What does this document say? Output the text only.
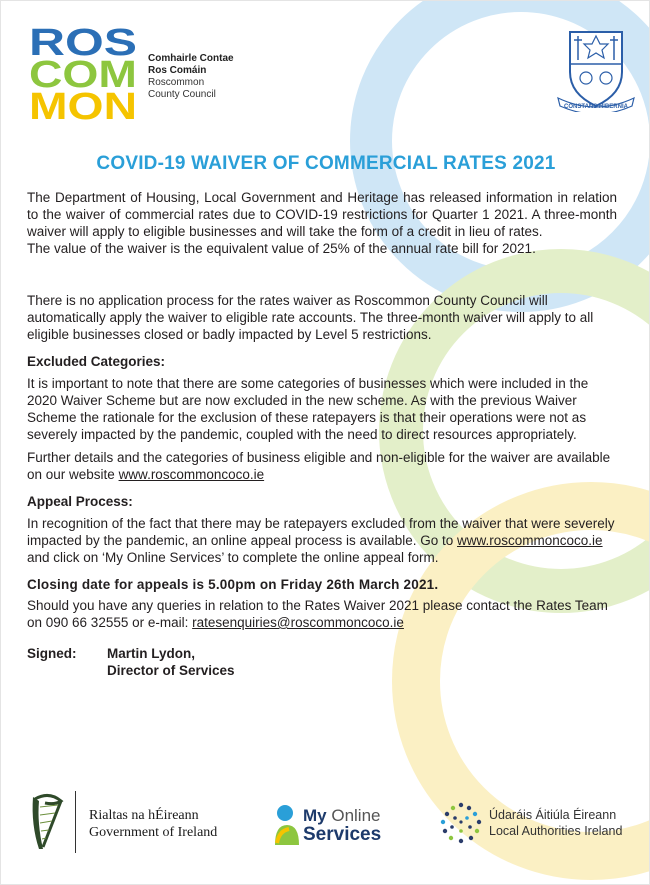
ROS
COM
MON
Comhairle Contae
Ros Comáin
Roscommon
County Council
CONSTANS HIBERNIA
COVID-19 WAIVER OF COMMERCIAL RATES 2021

The Department of Housing, Local Government and Heritage has released information in relation to the waiver of commercial rates due to COVID-19 restrictions for Quarter 1 2021. A three-month waiver will apply to eligible businesses and will take the form of a credit in lieu of rates.

The value of the waiver is the equivalent value of 25% of the annual rate bill for 2021.

There is no application process for the rates waiver as Roscommon County Council will automatically apply the waiver to eligible rate accounts. The three-month waiver will apply to all eligible businesses closed or badly impacted by Level 5 restrictions.

Excluded Categories:

It is important to note that there are some categories of businesses which were included in the 2020 Waiver Scheme but are now excluded in the new scheme. As with the previous Waiver Scheme the rationale for the exclusion of these ratepayers is that their operations were not as severely impacted by the pandemic, coupled with the need to direct resources appropriately.

Further details and the categories of business eligible and non-eligible for the waiver are available on our website www.roscommoncoco.ie

Appeal Process:

In recognition of the fact that there may be ratepayers excluded from the waiver that were severely impacted by the pandemic, an online appeal process is available. Go to www.roscommoncoco.ie and click on ‘My Online Services’ to complete the online appeal form.

Closing date for appeals is 5.00pm on Friday 26th March 2021.

Should you have any queries in relation to the Rates Waiver 2021 please contact the Rates Team on 090 66 32555 or e-mail: ratesenquiries@roscommoncoco.ie

Signed:	Martin Lydon,
Director of Services
Rialtas na hÉireann
Government of Ireland
My Online
Services
Údaráis Áitiúla Éireann
Local Authorities Ireland
